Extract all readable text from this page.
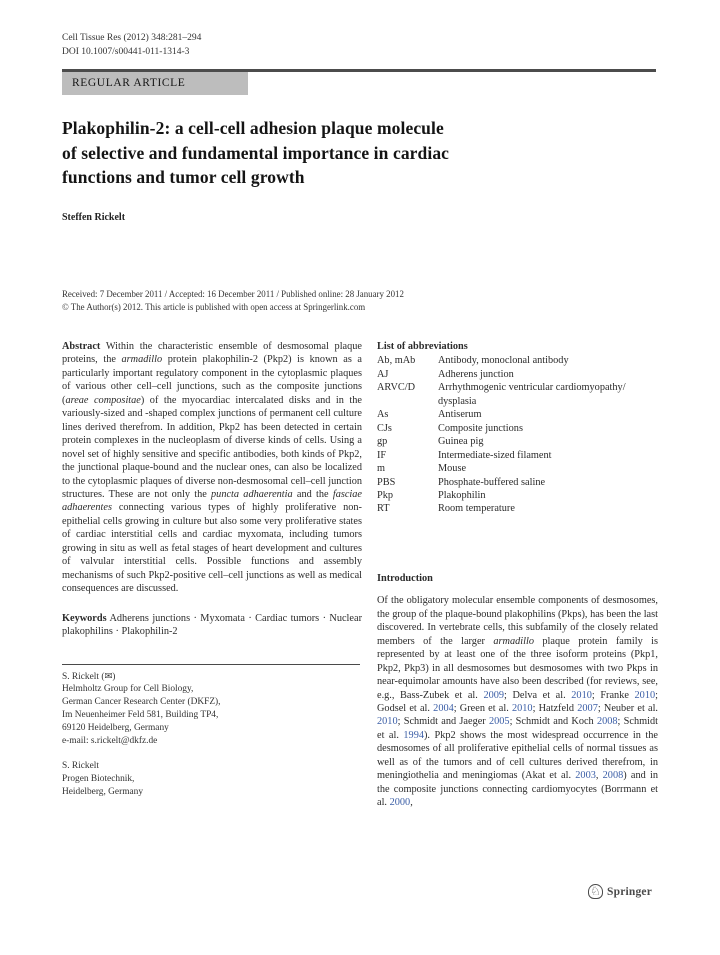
Cell Tissue Res (2012) 348:281–294
DOI 10.1007/s00441-011-1314-3
REGULAR ARTICLE
Plakophilin-2: a cell-cell adhesion plaque molecule
of selective and fundamental importance in cardiac
functions and tumor cell growth
Steffen Rickelt
Received: 7 December 2011 / Accepted: 16 December 2011 / Published online: 28 January 2012
© The Author(s) 2012. This article is published with open access at Springerlink.com

Abstract Within the characteristic ensemble of desmosomal plaque proteins, the armadillo protein plakophilin-2 (Pkp2) is known as a particularly important regulatory component in the cytoplasmic plaques of various other cell–cell junctions, such as the composite junctions (areae compositae) of the myocardiac intercalated disks and in the variously-sized and -shaped complex junctions of permanent cell culture lines derived therefrom. In addition, Pkp2 has been detected in certain protein complexes in the nucleoplasm of diverse kinds of cells. Using a novel set of highly sensitive and specific antibodies, both kinds of Pkp2, the junctional plaque-bound and the nuclear ones, can also be localized to the cytoplasmic plaques of diverse non-desmosomal cell–cell junction structures. These are not only the puncta adhaerentia and the fasciae adhaerentes connecting various types of highly proliferative non-epithelial cells growing in culture but also some very proliferative states of cardiac interstitial cells and cardiac myxomata, including tumors growing in situ as well as fetal stages of heart development and cultures of valvular interstitial cells. Possible functions and assembly mechanisms of such Pkp2-positive cell–cell junctions as well as medical consequences are discussed.

Keywords Adherens junctions · Myxomata · Cardiac tumors · Nuclear plakophilins · Plakophilin-2

S. Rickelt (✉)
Helmholtz Group for Cell Biology,
German Cancer Research Center (DKFZ),
Im Neuenheimer Feld 581, Building TP4,
69120 Heidelberg, Germany
e-mail: s.rickelt@dkfz.de
S. Rickelt
Progen Biotechnik,
Heidelberg, Germany
List of abbreviations
Ab, mAb	Antibody, monoclonal antibody
AJ	Adherens junction
ARVC/D	Arrhythmogenic ventricular cardiomyopathy/ dysplasia
As	Antiserum
CJs	Composite junctions
gp	Guinea pig
IF	Intermediate-sized filament
m	Mouse
PBS	Phosphate-buffered saline
Pkp	Plakophilin
RT	Room temperature
Introduction

Of the obligatory molecular ensemble components of desmosomes, the group of the plaque-bound plakophilins (Pkps), has been the last discovered. In vertebrate cells, this subfamily of the closely related members of the larger armadillo plaque protein family is represented by at least one of the three isoform proteins (Pkp1, Pkp2, Pkp3) in all desmosomes but desmosomes with two Pkps in near-equimolar amounts have also been described (for reviews, see, e.g., Bass-Zubek et al. 2009; Delva et al. 2010; Franke 2010; Godsel et al. 2004; Green et al. 2010; Hatzfeld 2007; Neuber et al. 2010; Schmidt and Jaeger 2005; Schmidt and Koch 2008; Schmidt et al. 1994). Pkp2 shows the most widespread occurrence in the desmosomes of all proliferative epithelial cells of normal tissues as well as of the tumors and of cell cultures derived therefrom, in meningiothelia and meningiomas (Akat et al. 2003, 2008) and in the composite junctions connecting cardiomyocytes (Borrmann et al. 2000,

♘ Springer
